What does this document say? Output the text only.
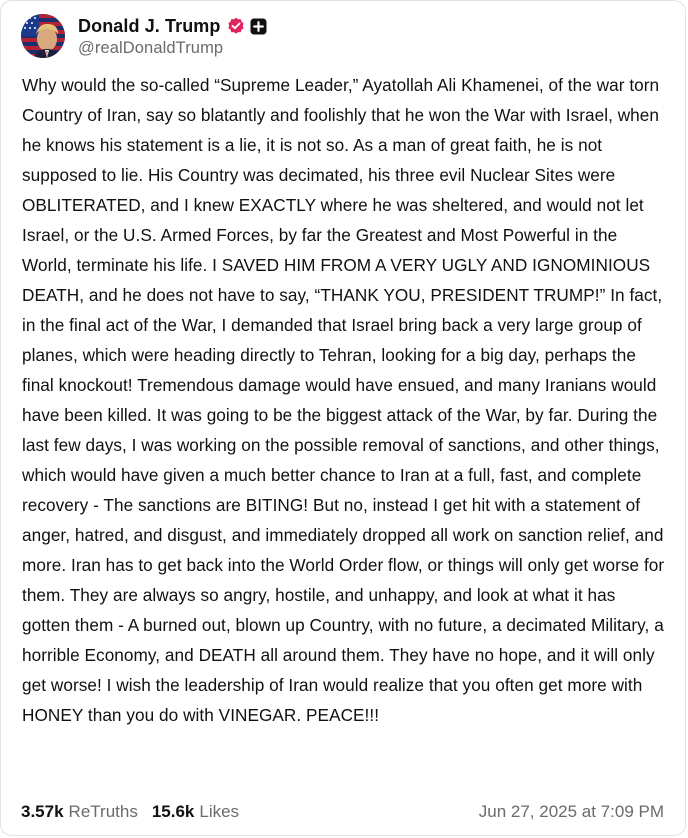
Donald J. Trump
@realDonaldTrump

Why would the so-called “Supreme Leader,” Ayatollah Ali Khamenei, of the war torn Country of Iran, say so blatantly and foolishly that he won the War with Israel, when he knows his statement is a lie, it is not so. As a man of great faith, he is not supposed to lie. His Country was decimated, his three evil Nuclear Sites were OBLITERATED, and I knew EXACTLY where he was sheltered, and would not let Israel, or the U.S. Armed Forces, by far the Greatest and Most Powerful in the World, terminate his life. I SAVED HIM FROM A VERY UGLY AND IGNOMINIOUS DEATH, and he does not have to say, “THANK YOU, PRESIDENT TRUMP!” In fact, in the final act of the War, I demanded that Israel bring back a very large group of planes, which were heading directly to Tehran, looking for a big day, perhaps the final knockout! Tremendous damage would have ensued, and many Iranians would have been killed. It was going to be the biggest attack of the War, by far. During the last few days, I was working on the possible removal of sanctions, and other things, which would have given a much better chance to Iran at a full, fast, and complete recovery - The sanctions are BITING! But no, instead I get hit with a statement of anger, hatred, and disgust, and immediately dropped all work on sanction relief, and more. Iran has to get back into the World Order flow, or things will only get worse for them. They are always so angry, hostile, and unhappy, and look at what it has gotten them - A burned out, blown up Country, with no future, a decimated Military, a horrible Economy, and DEATH all around them. They have no hope, and it will only get worse! I wish the leadership of Iran would realize that you often get more with HONEY than you do with VINEGAR. PEACE!!!

3.57k ReTruths 15.6k Likes	Jun 27, 2025 at 7:09 PM
